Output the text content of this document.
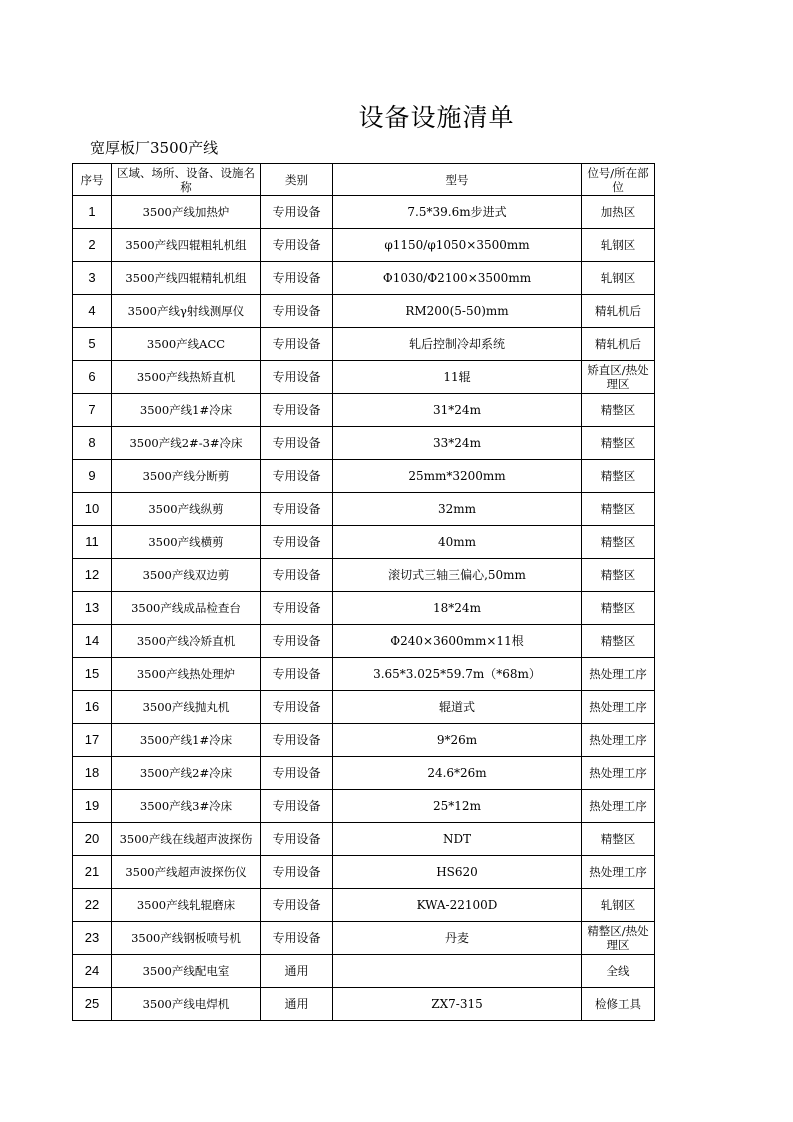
设备设施清单
宽厚板厂3500产线
序号	区域、场所、设备、设施名称	类别	型号	位号/所在部位
1	3500产线加热炉	专用设备	7.5*39.6m步进式	加热区
2	3500产线四辊粗轧机组	专用设备	φ1150/φ1050×3500mm	轧钢区
3	3500产线四辊精轧机组	专用设备	Φ1030/Φ2100×3500mm	轧钢区
4	3500产线γ射线测厚仪	专用设备	RM200(5-50)mm	精轧机后
5	3500产线ACC	专用设备	轧后控制冷却系统	精轧机后
6	3500产线热矫直机	专用设备	11辊	矫直区/热处理区
7	3500产线1#冷床	专用设备	31*24m	精整区
8	3500产线2#-3#冷床	专用设备	33*24m	精整区
9	3500产线分断剪	专用设备	25mm*3200mm	精整区
10	3500产线纵剪	专用设备	32mm	精整区
11	3500产线横剪	专用设备	40mm	精整区
12	3500产线双边剪	专用设备	滚切式三轴三偏心,50mm	精整区
13	3500产线成品检查台	专用设备	18*24m	精整区
14	3500产线冷矫直机	专用设备	Φ240×3600mm×11根	精整区
15	3500产线热处理炉	专用设备	3.65*3.025*59.7m（*68m）	热处理工序
16	3500产线抛丸机	专用设备	辊道式	热处理工序
17	3500产线1#冷床	专用设备	9*26m	热处理工序
18	3500产线2#冷床	专用设备	24.6*26m	热处理工序
19	3500产线3#冷床	专用设备	25*12m	热处理工序
20	3500产线在线超声波探伤	专用设备	NDT	精整区
21	3500产线超声波探伤仪	专用设备	HS620	热处理工序
22	3500产线轧辊磨床	专用设备	KWA-22100D	轧钢区
23	3500产线钢板喷号机	专用设备	丹麦	精整区/热处理区
24	3500产线配电室	通用		全线
25	3500产线电焊机	通用	ZX7-315	检修工具
